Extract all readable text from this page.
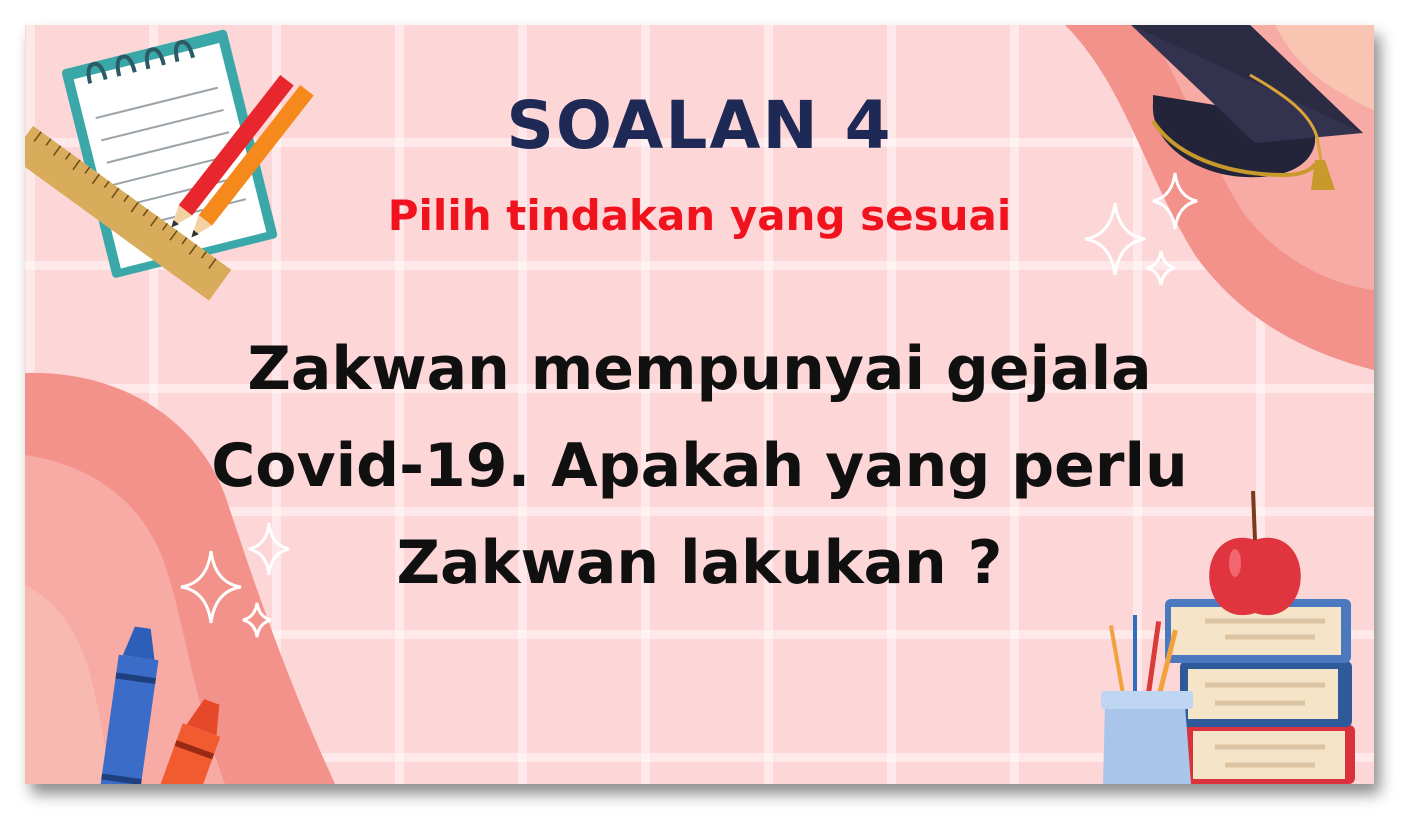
SOALAN 4
Pilih tindakan yang sesuai
Zakwan mempunyai gejala
Covid-19. Apakah yang perlu
Zakwan lakukan ?
